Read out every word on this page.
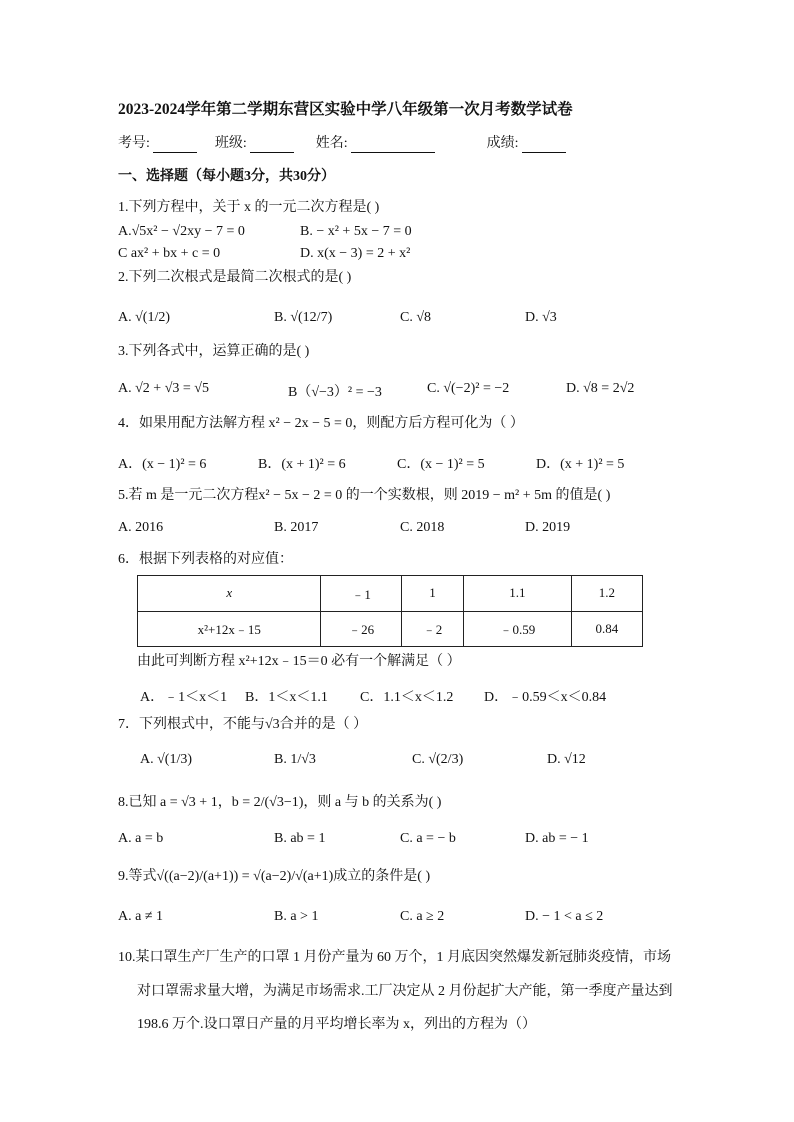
2023-2024学年第二学期东营区实验中学八年级第一次月考数学试卷
考号:	班级:	姓名:	成绩:
一、选择题（每小题3分，共30分）
1.下列方程中，关于 x 的一元二次方程是( )
A.√5x² − √2xy − 7 = 0	B. − x² + 5x − 7 = 0
C ax² + bx + c = 0	D. x(x − 3) = 2 + x²
2.下列二次根式是最简二次根式的是( )
A. √(1/2)	B. √(12/7)	C. √8	D. √3
3.下列各式中，运算正确的是( )
A. √2 + √3 = √5	B（√−3）² = −3	C. √(−2)² = −2	D. √8 = 2√2
4．如果用配方法解方程 x² − 2x − 5 = 0，则配方后方程可化为（ ）
A．(x − 1)² = 6	B．(x + 1)² = 6	C．(x − 1)² = 5	D．(x + 1)² = 5
5.若 m 是一元二次方程x² − 5x − 2 = 0 的一个实数根，则 2019 − m² + 5m 的值是( )
A. 2016	B. 2017	C. 2018	D. 2019
6．根据下列表格的对应值：
x	﹣1	1	1.1	1.2
x²+12x﹣15	﹣26	﹣2	﹣0.59	0.84
由此可判断方程 x²+12x﹣15＝0 必有一个解满足（ ）
A．﹣1＜x＜1 B．1＜x＜1.1 C．1.1＜x＜1.2 D．﹣0.59＜x＜0.84
7．下列根式中，不能与√3合并的是（ ）
A. √(1/3)	B. 1/√3	C. √(2/3)	D. √12
8.已知 a = √3 + 1，b = 2/(√3−1)，则 a 与 b 的关系为( )
A. a = b	B. ab = 1	C. a = − b	D. ab = − 1
9.等式√((a−2)/(a+1)) = √(a−2)/√(a+1)成立的条件是( )
A. a ≠ 1	B. a > 1	C. a ≥ 2	D. − 1 < a ≤ 2
10.某口罩生产厂生产的口罩 1 月份产量为 60 万个，1 月底因突然爆发新冠肺炎疫情，市场
对口罩需求量大增，为满足市场需求.工厂决定从 2 月份起扩大产能，第一季度产量达到
198.6 万个.设口罩日产量的月平均增长率为 x，列出的方程为（）
